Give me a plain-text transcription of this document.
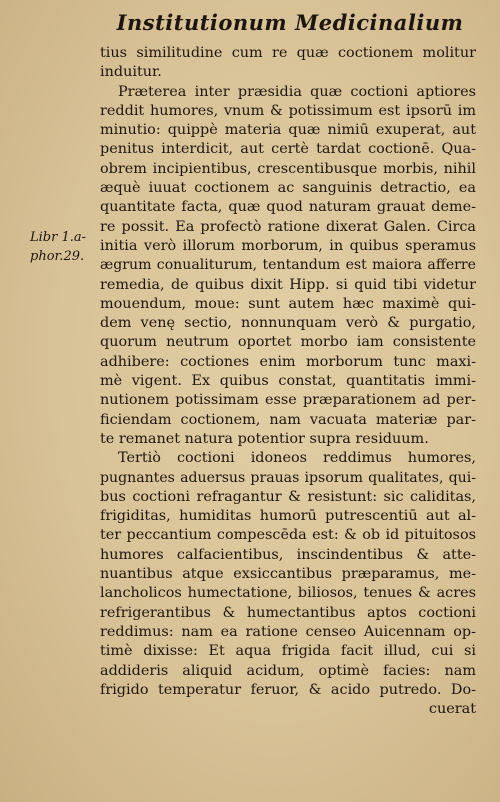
Institutionum Medicinalium
Libr 1.a-
phor.29.
tius similitudine cum re quæ coctionem molitur
induitur.
Præterea inter præsidia quæ coctioni aptiores
reddit humores, vnum & potissimum est ipsorū im
minutio: quippè materia quæ nimiū exuperat, aut
penitus interdicit, aut certè tardat coctionē. Qua-
obrem incipientibus, crescentibusque morbis, nihil
æquè iuuat coctionem ac sanguinis detractio, ea
quantitate facta, quæ quod naturam grauat deme-
re possit. Ea profectò ratione dixerat Galen. Circa
initia verò illorum morborum, in quibus speramus
ægrum conualiturum, tentandum est maiora afferre
remedia, de quibus dixit Hipp. si quid tibi videtur
mouendum, moue: sunt autem hæc maximè qui-
dem venę sectio, nonnunquam verò & purgatio,
quorum neutrum oportet morbo iam consistente
adhibere: coctiones enim morborum tunc maxi-
mè vigent. Ex quibus constat, quantitatis immi-
nutionem potissimam esse præparationem ad per-
ficiendam coctionem, nam vacuata materiæ par-
te remanet natura potentior supra residuum.
Tertiò coctioni idoneos reddimus humores,
pugnantes aduersus prauas ipsorum qualitates, qui-
bus coctioni refragantur & resistunt: sic caliditas,
frigiditas, humiditas humorū putrescentiū aut al-
ter peccantium compescēda est: & ob id pituitosos
humores calfacientibus, inscindentibus & atte-
nuantibus atque exsiccantibus præparamus, me-
lancholicos humectatione, biliosos, tenues & acres
refrigerantibus & humectantibus aptos coctioni
reddimus: nam ea ratione censeo Auicennam op-
timè dixisse: Et aqua frigida facit illud, cui si
addideris aliquid acidum, optimè facies: nam
frigido temperatur feruor, & acido putredo. Do-
cuerat
